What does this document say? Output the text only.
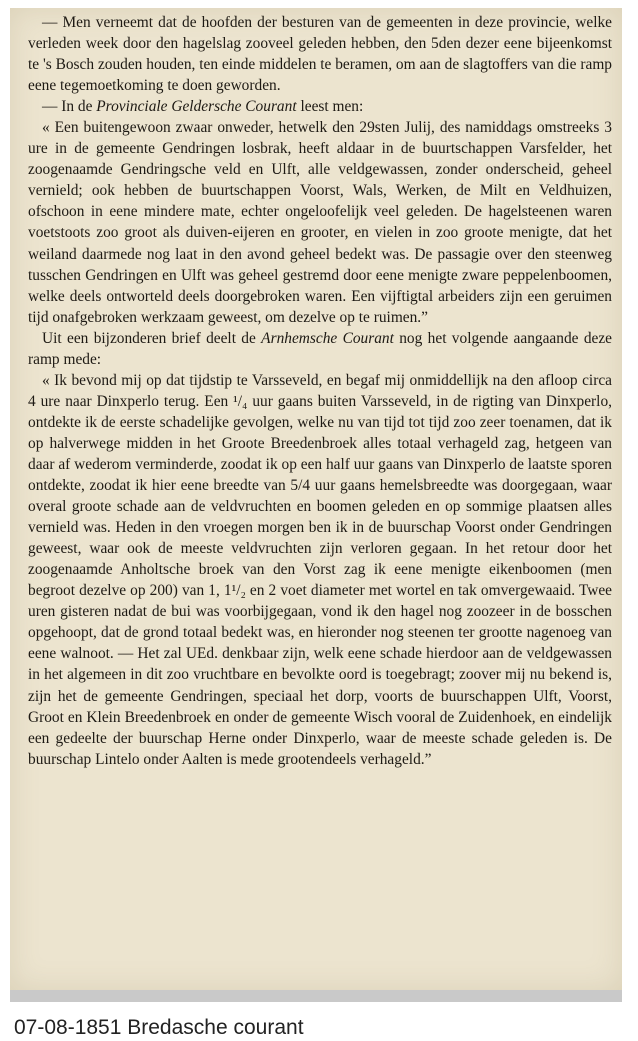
— Men verneemt dat de hoofden der besturen van de gemeenten in deze provincie, welke verleden week door den hagelslag zooveel geleden hebben, den 5den dezer eene bijeenkomst te 's Bosch zouden houden, ten einde middelen te beramen, om aan de slagtoffers van die ramp eene tegemoetkoming te doen geworden.

— In de Provinciale Geldersche Courant leest men:

« Een buitengewoon zwaar onweder, hetwelk den 29sten Julij, des namiddags omstreeks 3 ure in de gemeente Gendringen losbrak, heeft aldaar in de buurtschappen Varsfelder, het zoogenaamde Gendringsche veld en Ulft, alle veldgewassen, zonder onderscheid, geheel vernield; ook hebben de buurtschappen Voorst, Wals, Werken, de Milt en Veldhuizen, ofschoon in eene mindere mate, echter ongeloofelijk veel geleden. De hagelsteenen waren voetstoots zoo groot als duiven-eijeren en grooter, en vielen in zoo groote menigte, dat het weiland daarmede nog laat in den avond geheel bedekt was. De passagie over den steenweg tusschen Gendringen en Ulft was geheel gestremd door eene menigte zware peppelenboomen, welke deels ontworteld deels doorgebroken waren. Een vijftigtal arbeiders zijn een geruimen tijd onafgebroken werkzaam geweest, om dezelve op te ruimen.”

Uit een bijzonderen brief deelt de Arnhemsche Courant nog het volgende aangaande deze ramp mede:

« Ik bevond mij op dat tijdstip te Varsseveld, en begaf mij onmiddellijk na den afloop circa 4 ure naar Dinxperlo terug. Een ¹/₄ uur gaans buiten Varsseveld, in de rigting van Dinxperlo, ontdekte ik de eerste schadelijke gevolgen, welke nu van tijd tot tijd zoo zeer toenamen, dat ik op halverwege midden in het Groote Breedenbroek alles totaal verhageld zag, hetgeen van daar af wederom verminderde, zoodat ik op een half uur gaans van Dinxperlo de laatste sporen ontdekte, zoodat ik hier eene breedte van 5/4 uur gaans hemelsbreedte was doorgegaan, waar overal groote schade aan de veldvruchten en boomen geleden en op sommige plaatsen alles vernield was. Heden in den vroegen morgen ben ik in de buurschap Voorst onder Gendringen geweest, waar ook de meeste veldvruchten zijn verloren gegaan. In het retour door het zoogenaamde Anholtsche broek van den Vorst zag ik eene menigte eikenboomen (men begroot dezelve op 200) van 1, 1¹/₂ en 2 voet diameter met wortel en tak omvergewaaid. Twee uren gisteren nadat de bui was voorbijgegaan, vond ik den hagel nog zoozeer in de bosschen opgehoopt, dat de grond totaal bedekt was, en hieronder nog steenen ter grootte nagenoeg van eene walnoot. — Het zal UEd. denkbaar zijn, welk eene schade hierdoor aan de veldgewassen in het algemeen in dit zoo vruchtbare en bevolkte oord is toegebragt; zoover mij nu bekend is, zijn het de gemeente Gendringen, speciaal het dorp, voorts de buurschappen Ulft, Voorst, Groot en Klein Breedenbroek en onder de gemeente Wisch vooral de Zuidenhoek, en eindelijk een gedeelte der buurschap Herne onder Dinxperlo, waar de meeste schade geleden is. De buurschap Lintelo onder Aalten is mede grootendeels verhageld.”

07-08-1851 Bredasche courant
